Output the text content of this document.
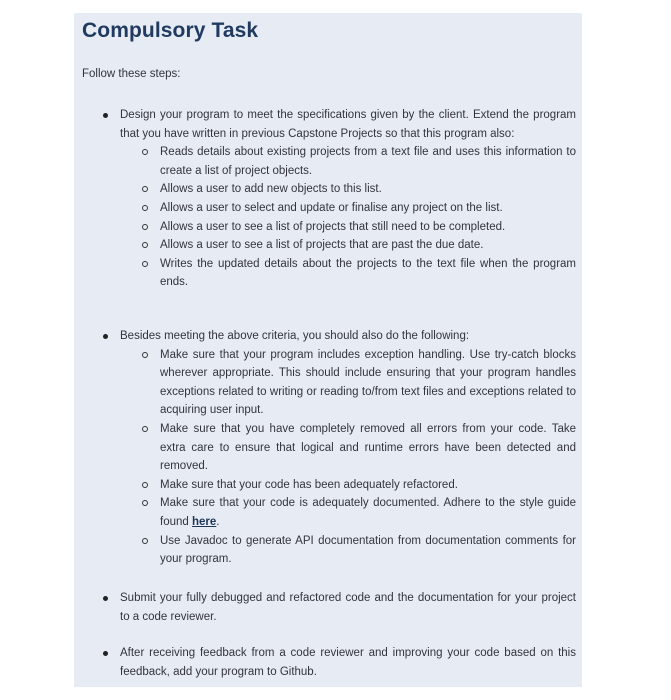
Compulsory Task

Follow these steps:

Design your program to meet the specifications given by the client. Extend the program that you have written in previous Capstone Projects so that this program also:
Reads details about existing projects from a text file and uses this information to create a list of project objects.
Allows a user to add new objects to this list.
Allows a user to select and update or finalise any project on the list.
Allows a user to see a list of projects that still need to be completed.
Allows a user to see a list of projects that are past the due date.
Writes the updated details about the projects to the text file when the program ends.
Besides meeting the above criteria, you should also do the following:
Make sure that your program includes exception handling. Use try-catch blocks wherever appropriate. This should include ensuring that your program handles exceptions related to writing or reading to/from text files and exceptions related to acquiring user input.
Make sure that you have completely removed all errors from your code. Take extra care to ensure that logical and runtime errors have been detected and removed.
Make sure that your code has been adequately refactored.
Make sure that your code is adequately documented. Adhere to the style guide found here.
Use Javadoc to generate API documentation from documentation comments for your program.
Submit your fully debugged and refactored code and the documentation for your project to a code reviewer.
After receiving feedback from a code reviewer and improving your code based on this feedback, add your program to Github.
